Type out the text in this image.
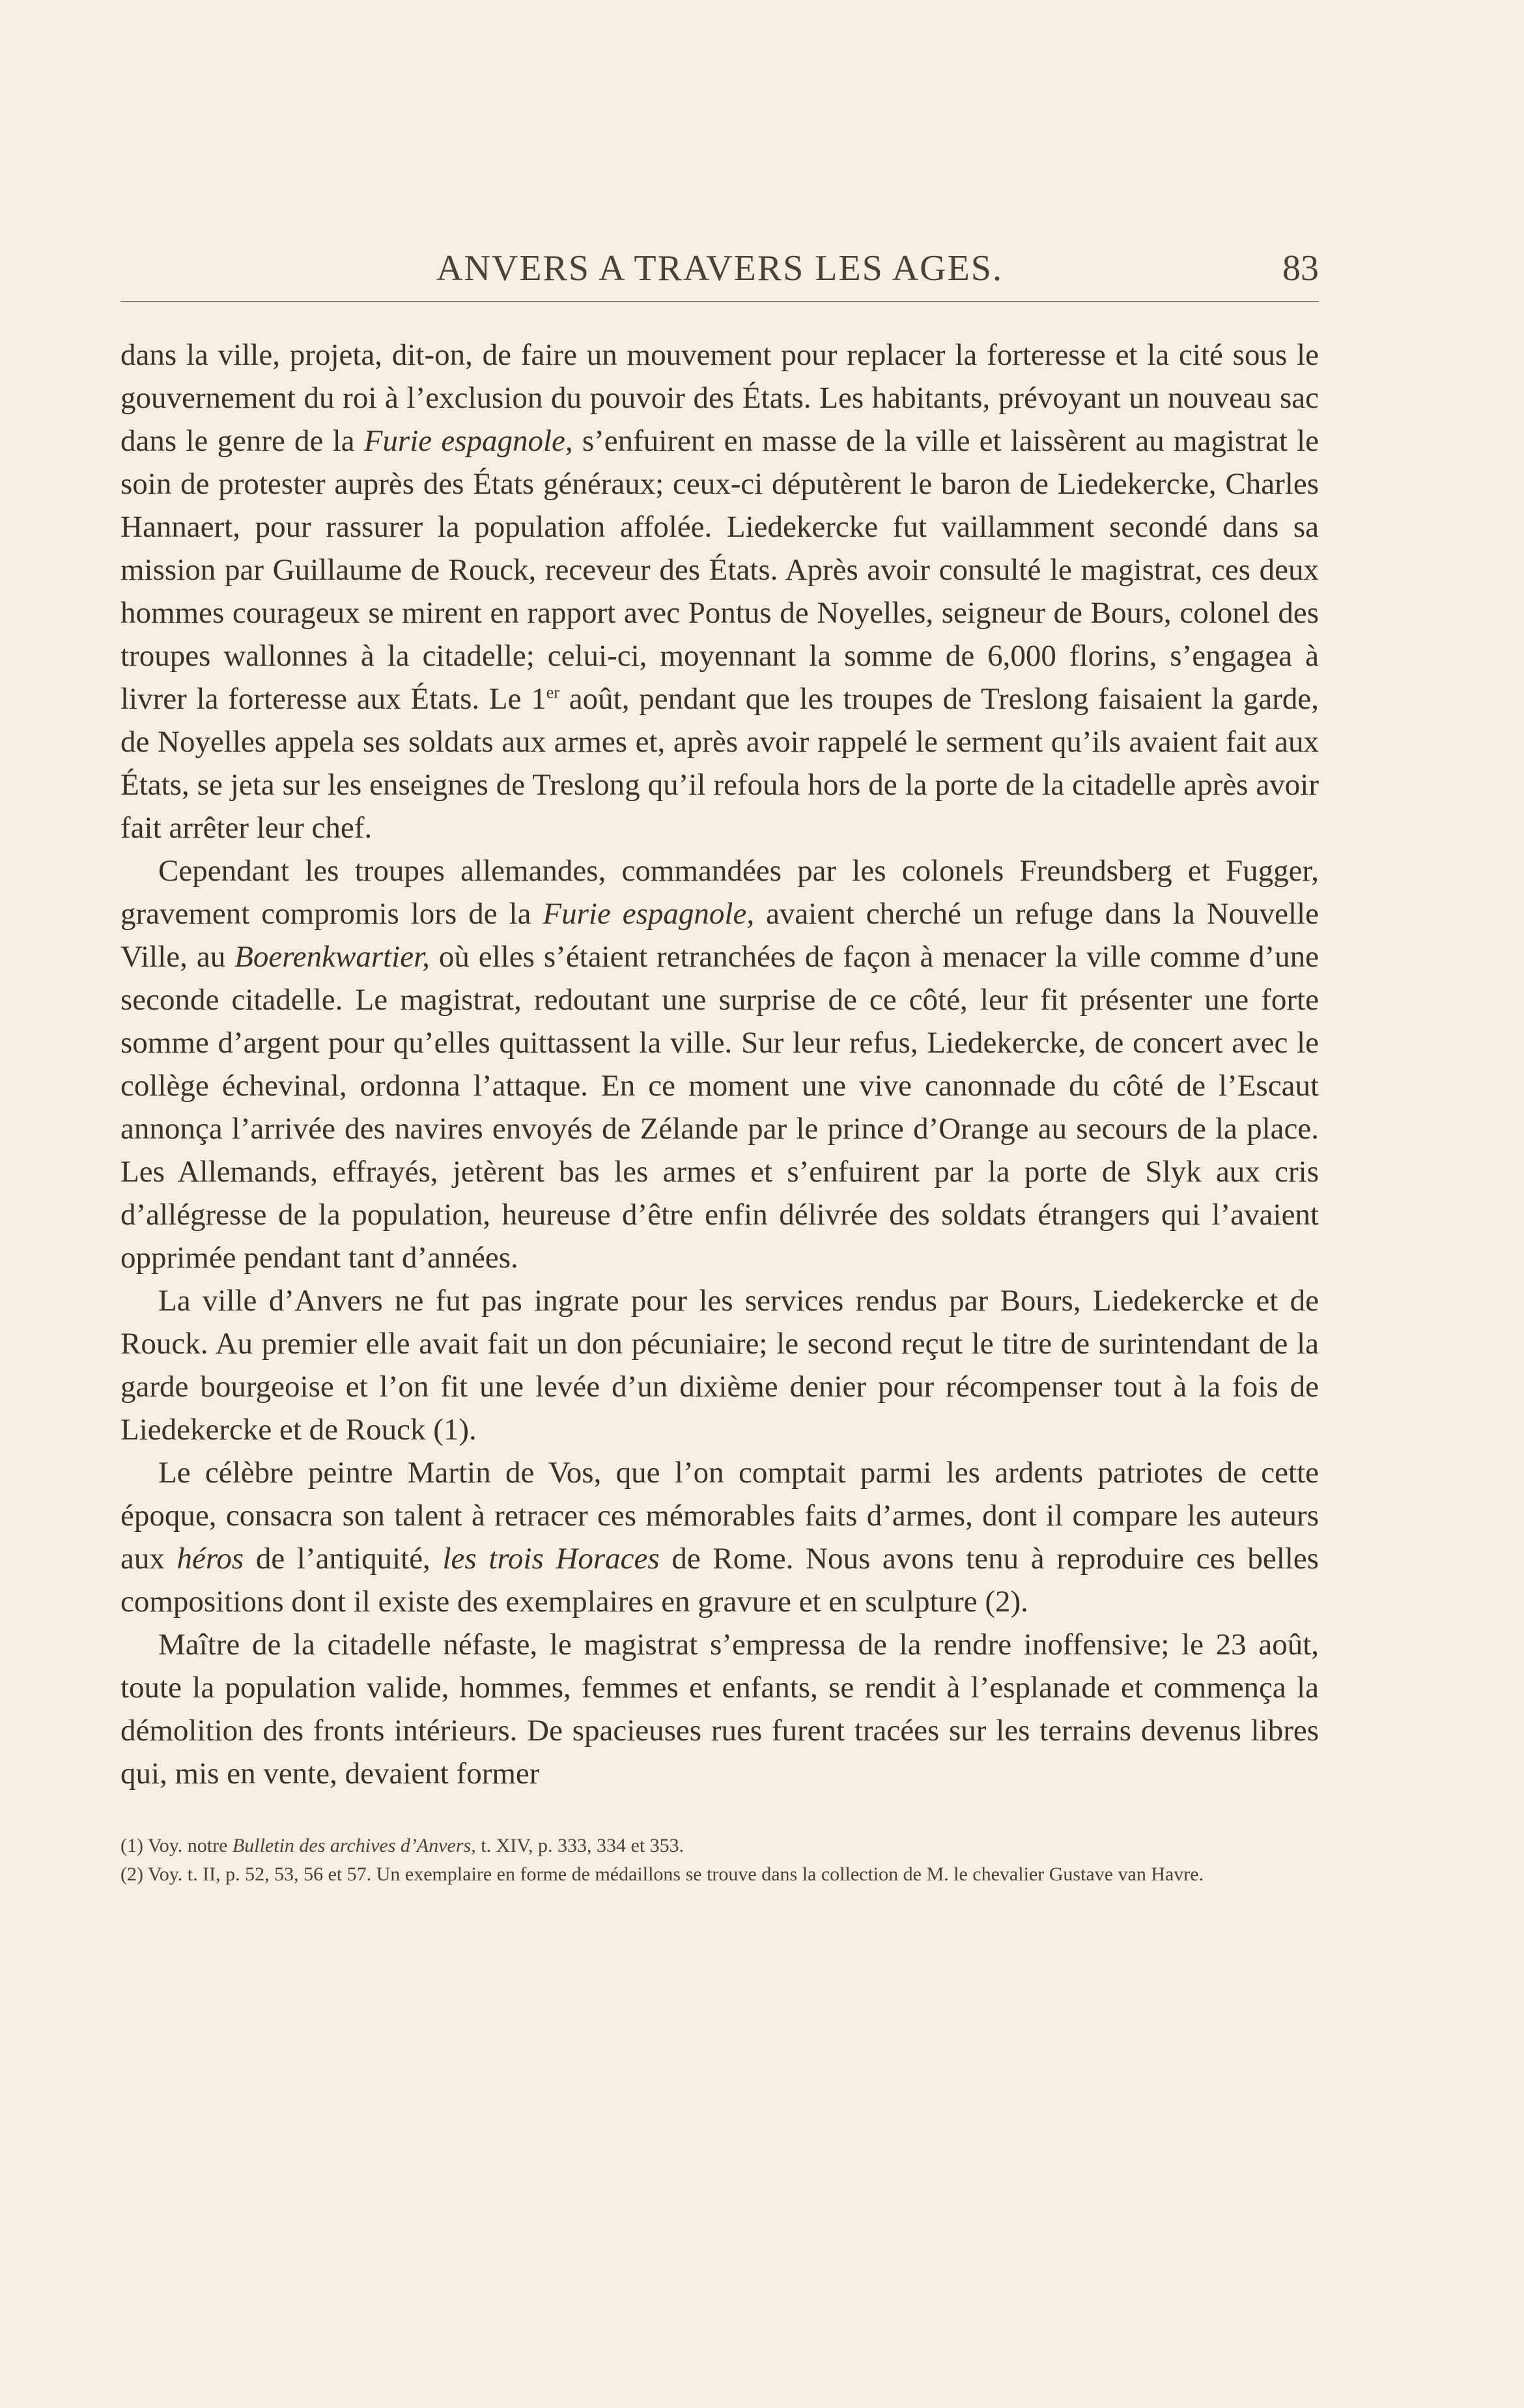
ANVERS A TRAVERS LES AGES.	83

dans la ville, projeta, dit-on, de faire un mouvement pour replacer la forteresse et la cité sous le gouvernement du roi à l’exclusion du pouvoir des États. Les habitants, prévoyant un nouveau sac dans le genre de la Furie espagnole, s’enfuirent en masse de la ville et laissèrent au magistrat le soin de protester auprès des États généraux; ceux-ci députèrent le baron de Liedekercke, Charles Hannaert, pour rassurer la population affolée. Liedekercke fut vaillamment secondé dans sa mission par Guillaume de Rouck, receveur des États. Après avoir consulté le magistrat, ces deux hommes courageux se mirent en rapport avec Pontus de Noyelles, seigneur de Bours, colonel des troupes wallonnes à la citadelle; celui-ci, moyennant la somme de 6,000 florins, s’engagea à livrer la forteresse aux États. Le 1er août, pendant que les troupes de Treslong faisaient la garde, de Noyelles appela ses soldats aux armes et, après avoir rappelé le serment qu’ils avaient fait aux États, se jeta sur les enseignes de Treslong qu’il refoula hors de la porte de la citadelle après avoir fait arrêter leur chef.

Cependant les troupes allemandes, commandées par les colonels Freundsberg et Fugger, gravement compromis lors de la Furie espagnole, avaient cherché un refuge dans la Nouvelle Ville, au Boerenkwartier, où elles s’étaient retranchées de façon à menacer la ville comme d’une seconde citadelle. Le magistrat, redoutant une surprise de ce côté, leur fit présenter une forte somme d’argent pour qu’elles quittassent la ville. Sur leur refus, Liedekercke, de concert avec le collège échevinal, ordonna l’attaque. En ce moment une vive canonnade du côté de l’Escaut annonça l’arrivée des navires envoyés de Zélande par le prince d’Orange au secours de la place. Les Allemands, effrayés, jetèrent bas les armes et s’enfuirent par la porte de Slyk aux cris d’allégresse de la population, heureuse d’être enfin délivrée des soldats étrangers qui l’avaient opprimée pendant tant d’années.

La ville d’Anvers ne fut pas ingrate pour les services rendus par Bours, Liedekercke et de Rouck. Au premier elle avait fait un don pécuniaire; le second reçut le titre de surintendant de la garde bourgeoise et l’on fit une levée d’un dixième denier pour récompenser tout à la fois de Liedekercke et de Rouck (1).

Le célèbre peintre Martin de Vos, que l’on comptait parmi les ardents patriotes de cette époque, consacra son talent à retracer ces mémorables faits d’armes, dont il compare les auteurs aux héros de l’antiquité, les trois Horaces de Rome. Nous avons tenu à reproduire ces belles compositions dont il existe des exemplaires en gravure et en sculpture (2).

Maître de la citadelle néfaste, le magistrat s’empressa de la rendre inoffensive; le 23 août, toute la population valide, hommes, femmes et enfants, se rendit à l’esplanade et commença la démolition des fronts intérieurs. De spacieuses rues furent tracées sur les terrains devenus libres qui, mis en vente, devaient former

(1) Voy. notre Bulletin des archives d’Anvers, t. XIV, p. 333, 334 et 353.

(2) Voy. t. II, p. 52, 53, 56 et 57. Un exemplaire en forme de médaillons se trouve dans la collection de M. le chevalier Gustave van Havre.
